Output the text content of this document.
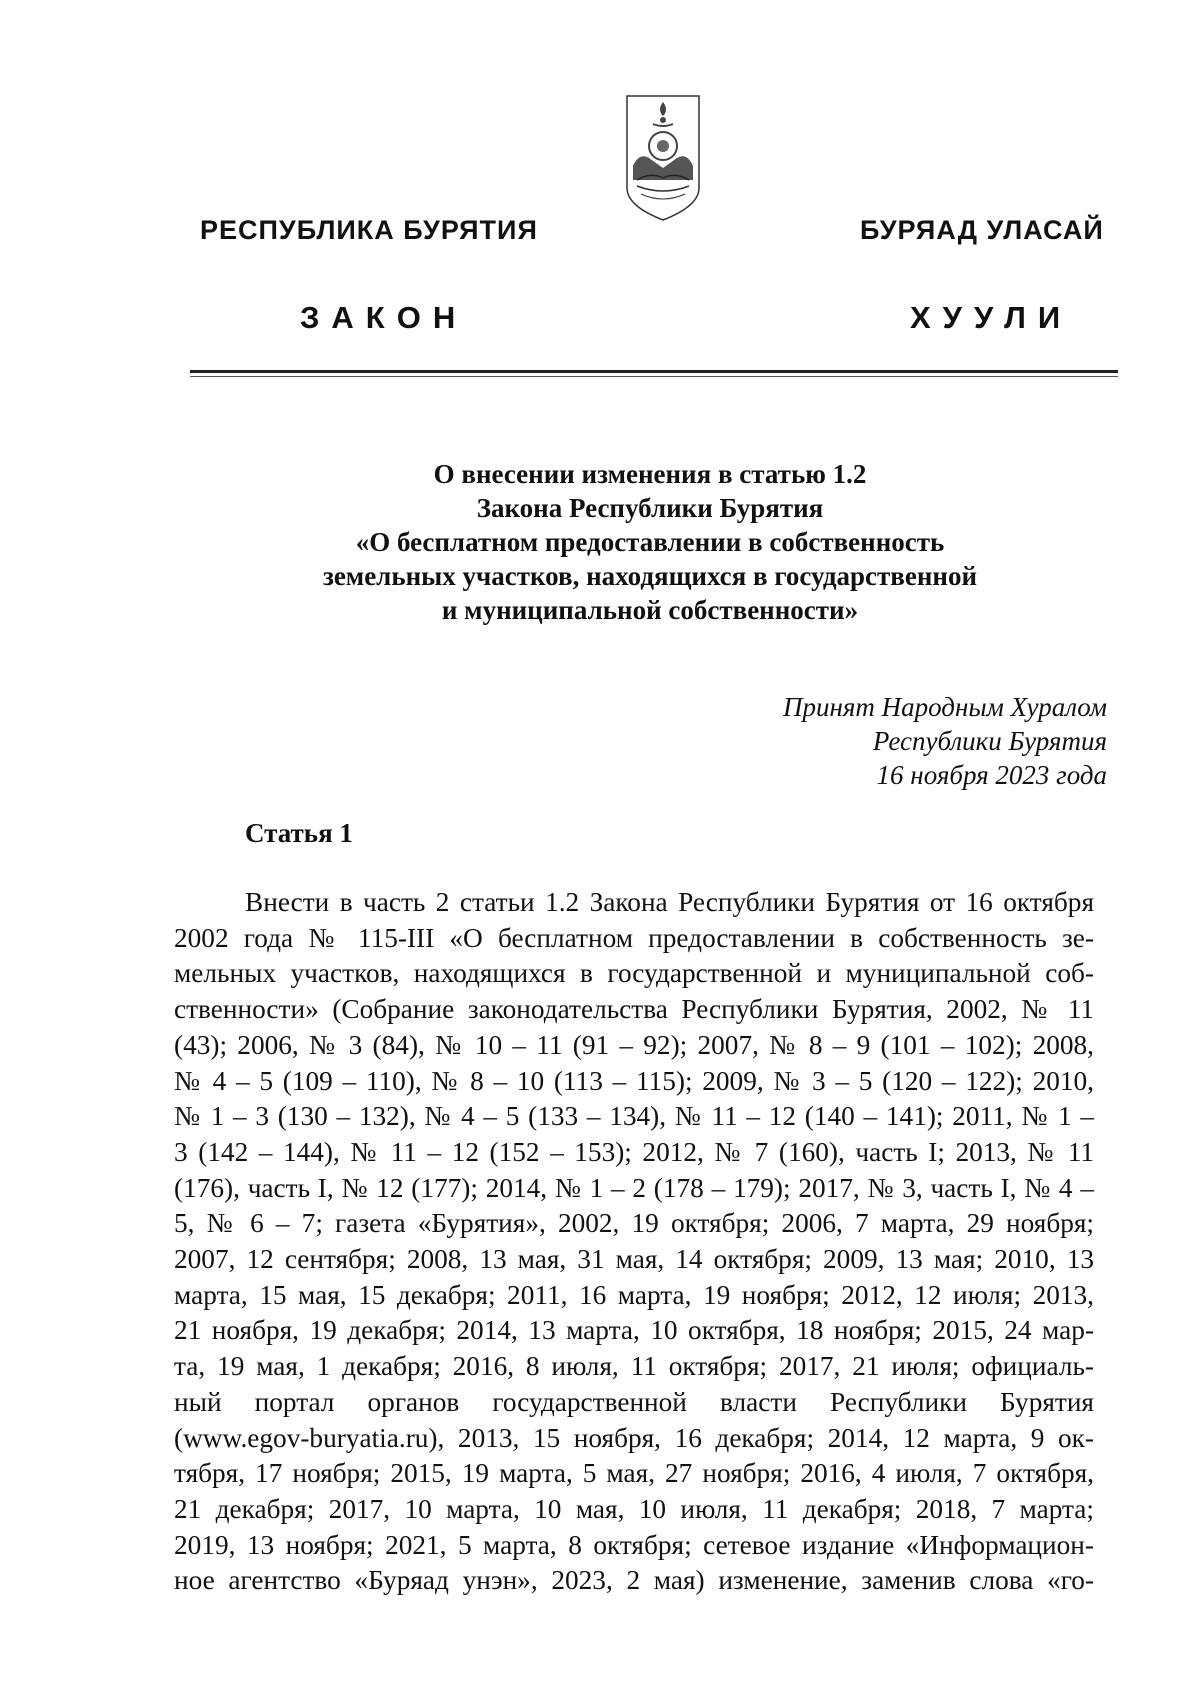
РЕСПУБЛИКА БУРЯТИЯ	БУРЯАД УЛАСАЙ
ЗАКОН	ХУУЛИ
О внесении изменения в статью 1.2
Закона Республики Бурятия
«О бесплатном предоставлении в собственность
земельных участков, находящихся в государственной
и муниципальной собственности»
Принят Народным Хуралом
Республики Бурятия
16 ноября 2023 года
Статья 1
Внести в часть 2 статьи 1.2 Закона Республики Бурятия от 16 октября
2002 года № 115-III «О бесплатном предоставлении в собственность зе-
мельных участков, находящихся в государственной и муниципальной соб-
ственности» (Собрание законодательства Республики Бурятия, 2002, № 11
(43); 2006, № 3 (84), № 10 – 11 (91 – 92); 2007, № 8 – 9 (101 – 102); 2008,
№ 4 – 5 (109 – 110), № 8 – 10 (113 – 115); 2009, № 3 – 5 (120 – 122); 2010,
№ 1 – 3 (130 – 132), № 4 – 5 (133 – 134), № 11 – 12 (140 – 141); 2011, № 1 –
3 (142 – 144), № 11 – 12 (152 – 153); 2012, № 7 (160), часть I; 2013, № 11
(176), часть I, № 12 (177); 2014, № 1 – 2 (178 – 179); 2017, № 3, часть I, № 4 –
5, № 6 – 7; газета «Бурятия», 2002, 19 октября; 2006, 7 марта, 29 ноября;
2007, 12 сентября; 2008, 13 мая, 31 мая, 14 октября; 2009, 13 мая; 2010, 13
марта, 15 мая, 15 декабря; 2011, 16 марта, 19 ноября; 2012, 12 июля; 2013,
21 ноября, 19 декабря; 2014, 13 марта, 10 октября, 18 ноября; 2015, 24 мар-
та, 19 мая, 1 декабря; 2016, 8 июля, 11 октября; 2017, 21 июля; официаль-
ный портал органов государственной власти Республики Бурятия
(www.egov-buryatia.ru), 2013, 15 ноября, 16 декабря; 2014, 12 марта, 9 ок-
тября, 17 ноября; 2015, 19 марта, 5 мая, 27 ноября; 2016, 4 июля, 7 октября,
21 декабря; 2017, 10 марта, 10 мая, 10 июля, 11 декабря; 2018, 7 марта;
2019, 13 ноября; 2021, 5 марта, 8 октября; сетевое издание «Информацион-
ное агентство «Буряад унэн», 2023, 2 мая) изменение, заменив слова «го-
